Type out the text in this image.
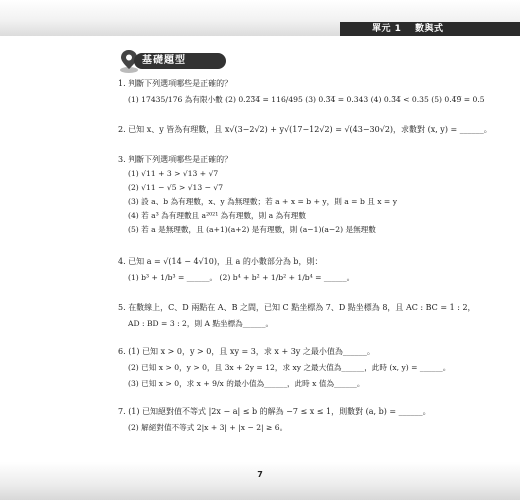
單元 1 數與式
基礎題型
1. 判斷下列選項哪些是正確的？
(1) 17435/176 為有限小數 (2) 0.2̅3̅4̅ = 116/495 (3) 0.3̅4̅ = 0.343 (4) 0.3̅4̅ < 0.35 (5) 0.4̅9̅ = 0.5
2. 已知 x、y 皆為有理數，且 x√(3−2√2) + y√(17−12√2) = √(43−30√2)，求數對 (x, y) = ______。
3. 判斷下列選項哪些是正確的？
(1) √11 + 3 > √13 + √7
(2) √11 − √5 > √13 − √7
(3) 設 a、b 為有理數，x、y 為無理數；若 a + x = b + y，則 a = b 且 x = y
(4) 若 a³ 為有理數且 a²⁰²¹ 為有理數，則 a 為有理數
(5) 若 a 是無理數，且 (a+1)(a+2) 是有理數，則 (a−1)(a−2) 是無理數
4. 已知 a = √(14 − 4√10)，且 a 的小數部分為 b，則：
(1) b³ + 1/b³ = ______。 (2) b⁴ + b² + 1/b² + 1/b⁴ = ______。
5. 在數線上，C、D 兩點在 A、B 之間，已知 C 點坐標為 7、D 點坐標為 8，且 AC : BC = 1 : 2，
AD : BD = 3 : 2，則 A 點坐標為______。
6. (1) 已知 x > 0，y > 0，且 xy = 3，求 x + 3y 之最小值為______。
(2) 已知 x > 0，y > 0，且 3x + 2y = 12，求 xy 之最大值為______，此時 (x, y) = ______。
(3) 已知 x > 0，求 x + 9/x 的最小值為______，此時 x 值為______。
7. (1) 已知絕對值不等式 |2x − a| ≤ b 的解為 −7 ≤ x ≤ 1，則數對 (a, b) = ______。
(2) 解絕對值不等式 2|x + 3| + |x − 2| ≥ 6。
7
